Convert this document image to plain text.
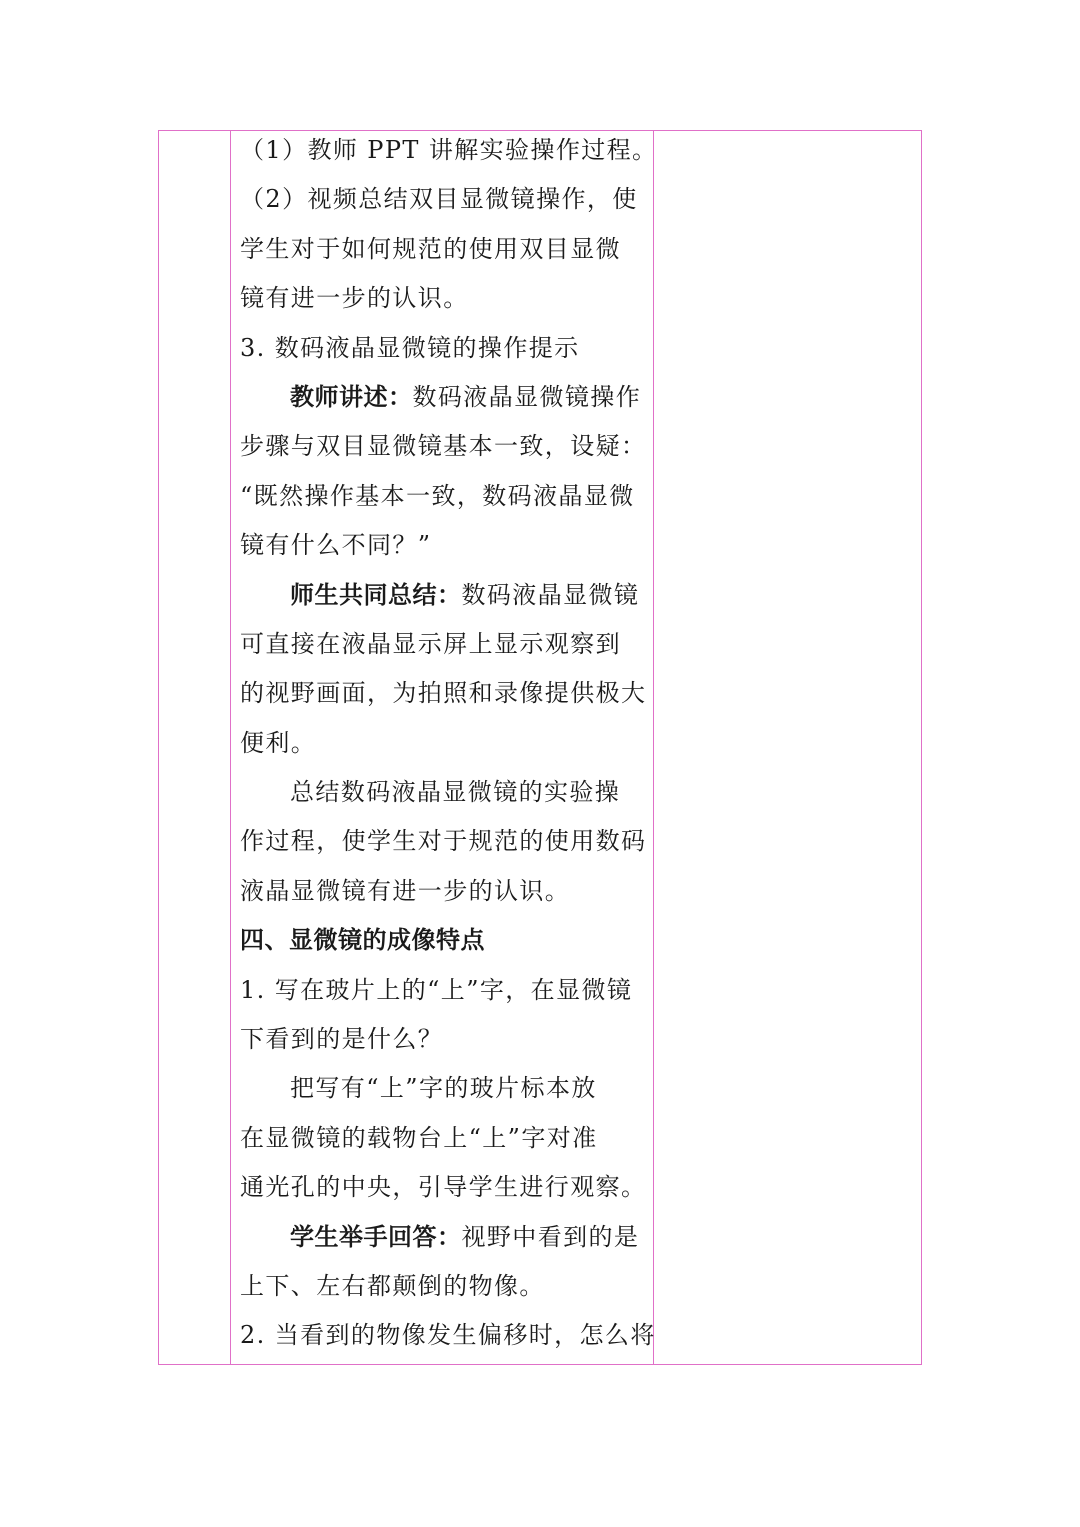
（1）教师 PPT 讲解实验操作过程。
（2）视频总结双目显微镜操作，使
学生对于如何规范的使用双目显微
镜有进一步的认识。
3. 数码液晶显微镜的操作提示
教师讲述：数码液晶显微镜操作
步骤与双目显微镜基本一致，设疑：
“既然操作基本一致，数码液晶显微
镜有什么不同？”
师生共同总结：数码液晶显微镜
可直接在液晶显示屏上显示观察到
的视野画面，为拍照和录像提供极大
便利。
总结数码液晶显微镜的实验操
作过程，使学生对于规范的使用数码
液晶显微镜有进一步的认识。
四、显微镜的成像特点
1. 写在玻片上的“上”字，在显微镜
下看到的是什么？
把写有“上”字的玻片标本放
在显微镜的载物台上“上”字对准
通光孔的中央，引导学生进行观察。
学生举手回答：视野中看到的是
上下、左右都颠倒的物像。
2. 当看到的物像发生偏移时，怎么将
